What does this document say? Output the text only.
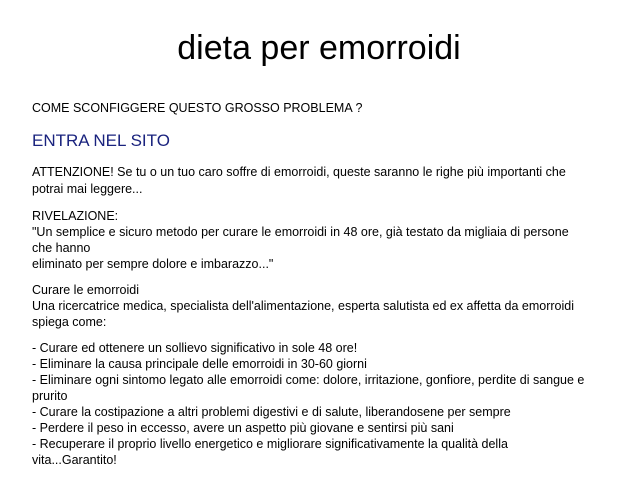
dieta per emorroidi
COME SCONFIGGERE QUESTO GROSSO PROBLEMA ?
ENTRA NEL SITO
ATTENZIONE! Se tu o un tuo caro soffre di emorroidi, queste saranno le righe più importanti che
potrai mai leggere...
RIVELAZIONE:
"Un semplice e sicuro metodo per curare le emorroidi in 48 ore, già testato da migliaia di persone
che hanno
eliminato per sempre dolore e imbarazzo..."
Curare le emorroidi
Una ricercatrice medica, specialista dell'alimentazione, esperta salutista ed ex affetta da emorroidi
spiega come:
- Curare ed ottenere un sollievo significativo in sole 48 ore!
- Eliminare la causa principale delle emorroidi in 30-60 giorni
- Eliminare ogni sintomo legato alle emorroidi come: dolore, irritazione, gonfiore, perdite di sangue e
prurito
- Curare la costipazione a altri problemi digestivi e di salute, liberandosene per sempre
- Perdere il peso in eccesso, avere un aspetto più giovane e sentirsi più sani
- Recuperare il proprio livello energetico e migliorare significativamente la qualità della
vita...Garantito!
